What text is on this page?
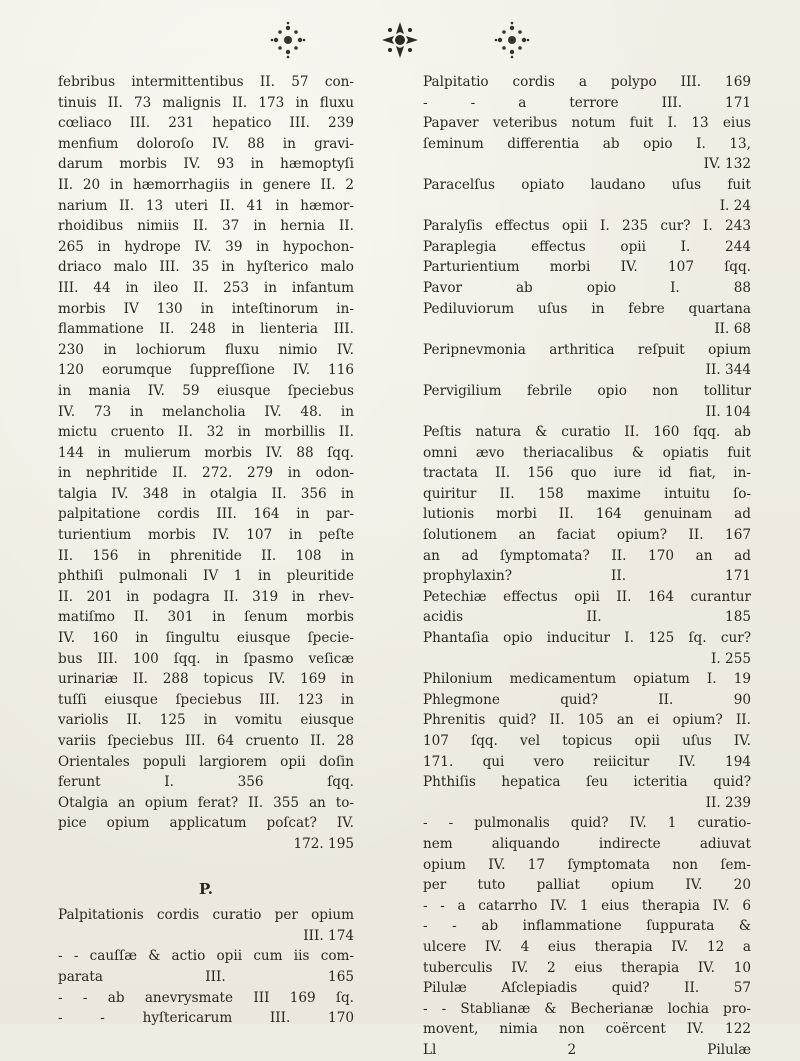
febribus intermittentibus II. 57 con-
tinuis II. 73 malignis II. 173 in fluxu
cœliaco III. 231 hepatico III. 239
menfium doloroſo IV. 88 in gravi-
darum morbis IV. 93 in hæmoptyſi
II. 20 in hæmorrhagiis in genere II. 2
narium II. 13 uteri II. 41 in hæmor-
rhoidibus nimiis II. 37 in hernia II.
265 in hydrope IV. 39 in hypochon-
driaco malo III. 35 in hyſterico malo
III. 44 in ileo II. 253 in infantum
morbis IV 130 in inteſtinorum in-
flammatione II. 248 in lienteria III.
230 in lochiorum fluxu nimio IV.
120 eorumque ſuppreſſione IV. 116
in mania IV. 59 eiusque ſpeciebus
IV. 73 in melancholia IV. 48. in
mictu cruento II. 32 in morbillis II.
144 in mulierum morbis IV. 88 ſqq.
in nephritide II. 272. 279 in odon-
talgia IV. 348 in otalgia II. 356 in
palpitatione cordis III. 164 in par-
turientium morbis IV. 107 in peſte
II. 156 in phrenitide II. 108 in
phthiſi pulmonali IV 1 in pleuritide
II. 201 in podagra II. 319 in rhev-
matiſmo II. 301 in ſenum morbis
IV. 160 in ſingultu eiusque ſpecie-
bus III. 100 ſqq. in ſpasmo veſicæ
urinariæ II. 288 topicus IV. 169 in
tuſſi eiusque ſpeciebus III. 123 in
variolis II. 125 in vomitu eiusque
variis ſpeciebus III. 64 cruento II. 28
Orientales populi largiorem opii doſin
ferunt I. 356 ſqq.
Otalgia an opium ferat? II. 355 an to-
pice opium applicatum poſcat? IV.
172. 195
P.
Palpitationis cordis curatio per opium
III. 174
- - cauſſæ & actio opii cum iis com-
parata III. 165
- - ab anevrysmate III 169 ſq.
- - hyſtericarum III. 170
Palpitatio cordis a polypo III. 169
- - a terrore III. 171
Papaver veteribus notum fuit I. 13 eius
ſeminum differentia ab opio I. 13,
IV. 132
Paracelſus opiato laudano uſus fuit
I. 24
Paralyſis effectus opii I. 235 cur? I. 243
Paraplegia effectus opii I. 244
Parturientium morbi IV. 107 ſqq.
Pavor ab opio I. 88
Pediluviorum uſus in febre quartana
II. 68
Peripnevmonia arthritica reſpuit opium
II. 344
Pervigilium febrile opio non tollitur
II. 104
Peſtis natura & curatio II. 160 ſqq. ab
omni ævo theriacalibus & opiatis fuit
tractata II. 156 quo iure id fiat, in-
quiritur II. 158 maxime intuitu ſo-
lutionis morbi II. 164 genuinam ad
ſolutionem an faciat opium? II. 167
an ad ſymptomata? II. 170 an ad
prophylaxin? II. 171
Petechiæ effectus opii II. 164 curantur
acidis II. 185
Phantaſia opio inducitur I. 125 ſq. cur?
I. 255
Philonium medicamentum opiatum I. 19
Phlegmone quid? II. 90
Phrenitis quid? II. 105 an ei opium? II.
107 ſqq. vel topicus opii uſus IV.
171. qui vero reiicitur IV. 194
Phthiſis hepatica ſeu icteritia quid?
II. 239
- - pulmonalis quid? IV. 1 curatio-
nem aliquando indirecte adiuvat
opium IV. 17 ſymptomata non ſem-
per tuto palliat opium IV. 20
- - a catarrho IV. 1 eius therapia IV. 6
- - ab inflammatione ſuppurata &
ulcere IV. 4 eius therapia IV. 12 a
tuberculis IV. 2 eius therapia IV. 10
Pilulæ Aſclepiadis quid? II. 57
- - Stablianæ & Becherianæ lochia pro-
movent, nimia non coërcent IV. 122
Ll 2 Pilulæ
